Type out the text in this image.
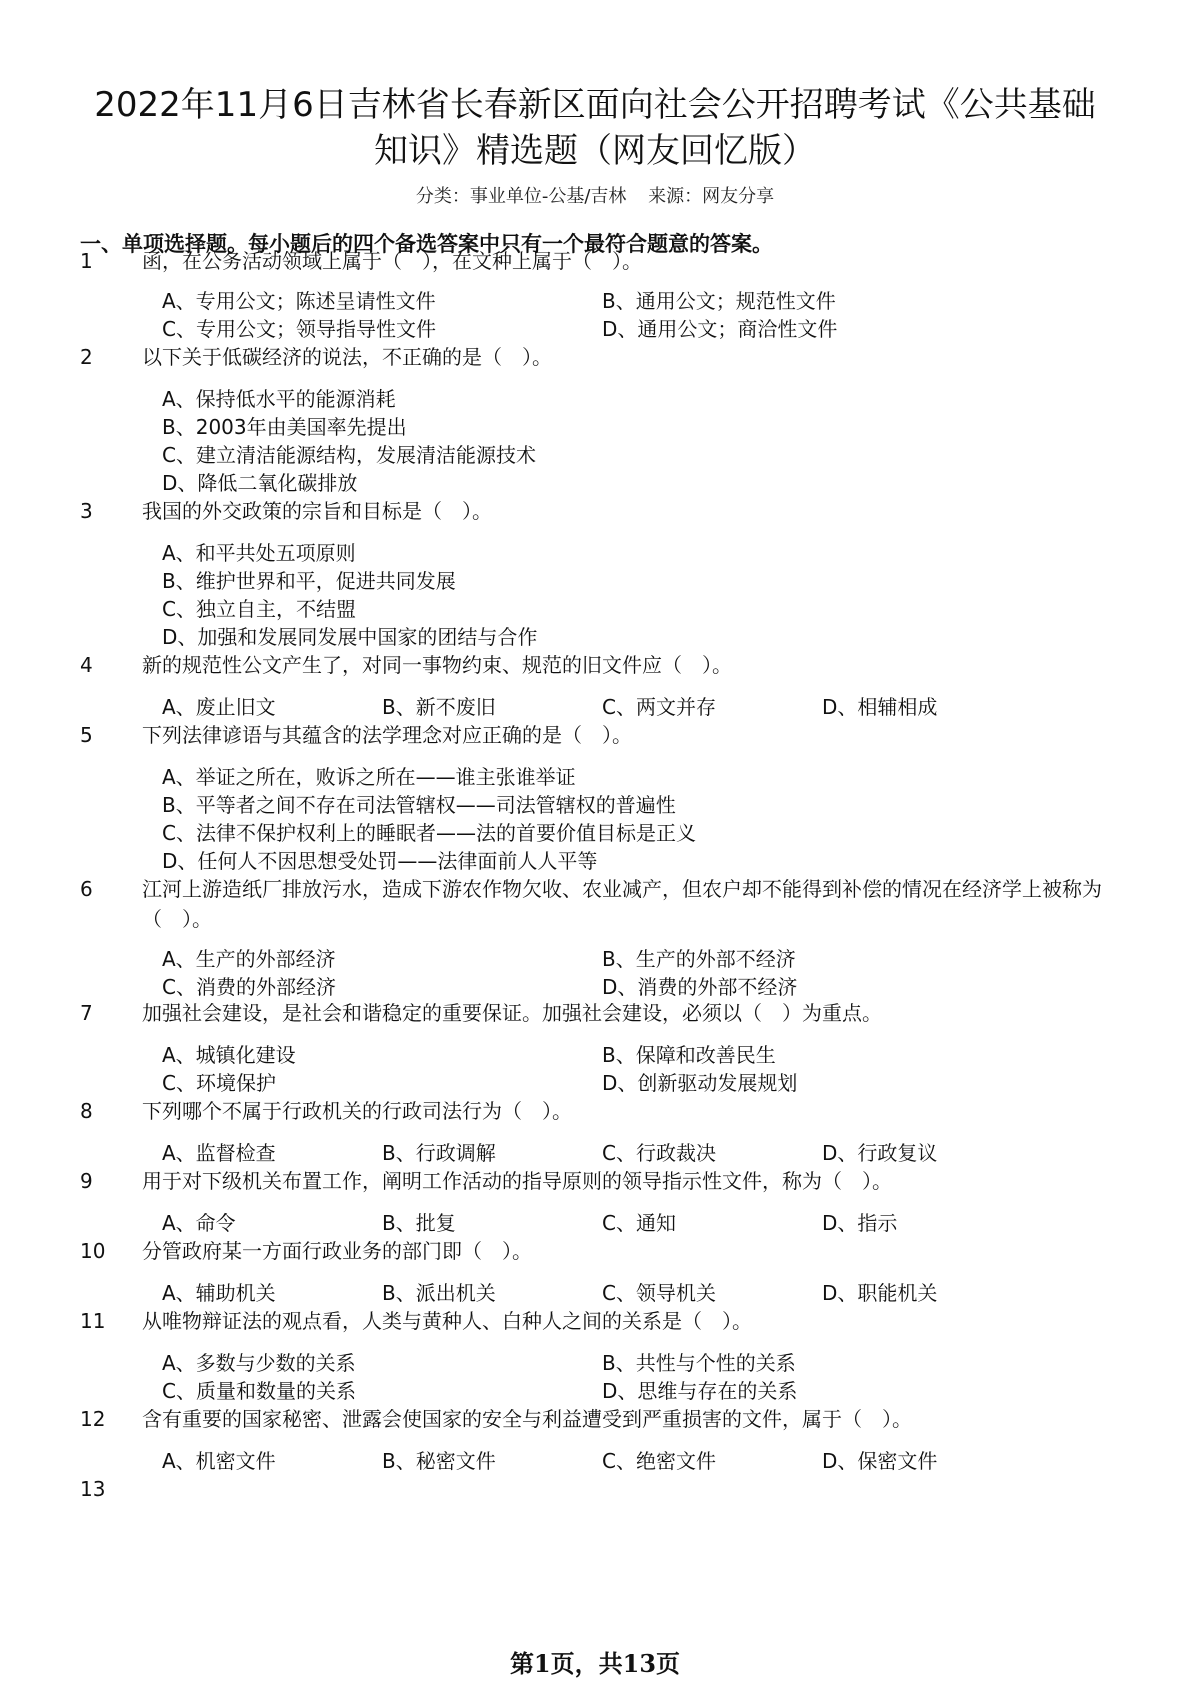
2022年11月6日吉林省长春新区面向社会公开招聘考试《公共基础知识》精选题（网友回忆版）
分类：事业单位-公基/吉林 来源：网友分享
一、单项选择题。每小题后的四个备选答案中只有一个最符合题意的答案。
1	函，在公务活动领域上属于（　），在文种上属于（　）。
A、专用公文；陈述呈请性文件	B、通用公文；规范性文件
C、专用公文；领导指导性文件	D、通用公文；商洽性文件
2	以下关于低碳经济的说法，不正确的是（　）。
A、保持低水平的能源消耗
B、2003年由美国率先提出
C、建立清洁能源结构，发展清洁能源技术
D、降低二氧化碳排放
3	我国的外交政策的宗旨和目标是（　）。
A、和平共处五项原则
B、维护世界和平，促进共同发展
C、独立自主，不结盟
D、加强和发展同发展中国家的团结与合作
4	新的规范性公文产生了，对同一事物约束、规范的旧文件应（　）。
A、废止旧文	B、新不废旧	C、两文并存	D、相辅相成
5	下列法律谚语与其蕴含的法学理念对应正确的是（　）。
A、举证之所在，败诉之所在——谁主张谁举证
B、平等者之间不存在司法管辖权——司法管辖权的普遍性
C、法律不保护权利上的睡眠者——法的首要价值目标是正义
D、任何人不因思想受处罚——法律面前人人平等
6	江河上游造纸厂排放污水，造成下游农作物欠收、农业减产，但农户却不能得到补偿的情况在经济学上被称为（　）。
A、生产的外部经济	B、生产的外部不经济
C、消费的外部经济	D、消费的外部不经济
7	加强社会建设，是社会和谐稳定的重要保证。加强社会建设，必须以（　）为重点。
A、城镇化建设	B、保障和改善民生
C、环境保护	D、创新驱动发展规划
8	下列哪个不属于行政机关的行政司法行为（　）。
A、监督检查	B、行政调解	C、行政裁决	D、行政复议
9	用于对下级机关布置工作，阐明工作活动的指导原则的领导指示性文件，称为（　）。
A、命令	B、批复	C、通知	D、指示
10	分管政府某一方面行政业务的部门即（　）。
A、辅助机关	B、派出机关	C、领导机关	D、职能机关
11	从唯物辩证法的观点看，人类与黄种人、白种人之间的关系是（　）。
A、多数与少数的关系	B、共性与个性的关系
C、质量和数量的关系	D、思维与存在的关系
12	含有重要的国家秘密、泄露会使国家的安全与利益遭受到严重损害的文件，属于（　）。
A、机密文件	B、秘密文件	C、绝密文件	D、保密文件
13
第1页，共13页
